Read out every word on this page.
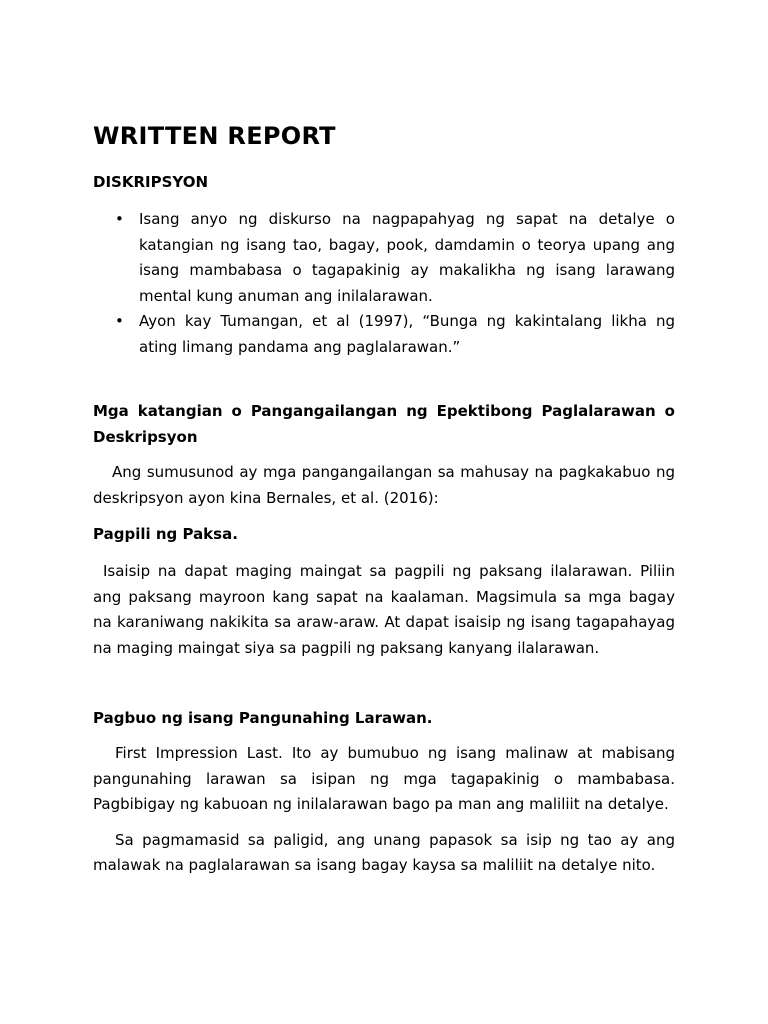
WRITTEN REPORT
DISKRIPSYON
• Isang anyo ng diskurso na nagpapahyag ng sapat na detalye o katangian ng isang tao, bagay, pook, damdamin o teorya upang ang isang mambabasa o tagapakinig ay makalikha ng isang larawang mental kung anuman ang inilalarawan.
• Ayon kay Tumangan, et al (1997), “Bunga ng kakintalang likha ng ating limang pandama ang paglalarawan.”
Mga katangian o Pangangailangan ng Epektibong Paglalarawan o Deskripsyon

Ang sumusunod ay mga pangangailangan sa mahusay na pagkakabuo ng deskripsyon ayon kina Bernales, et al. (2016):

Pagpili ng Paksa.

Isaisip na dapat maging maingat sa pagpili ng paksang ilalarawan. Piliin ang paksang mayroon kang sapat na kaalaman. Magsimula sa mga bagay na karaniwang nakikita sa araw-araw. At dapat isaisip ng isang tagapahayag na maging maingat siya sa pagpili ng paksang kanyang ilalarawan.

Pagbuo ng isang Pangunahing Larawan.

First Impression Last. Ito ay bumubuo ng isang malinaw at mabisang pangunahing larawan sa isipan ng mga tagapakinig o mambabasa. Pagbibigay ng kabuoan ng inilalarawan bago pa man ang maliliit na detalye.

Sa pagmamasid sa paligid, ang unang papasok sa isip ng tao ay ang malawak na paglalarawan sa isang bagay kaysa sa maliliit na detalye nito.
